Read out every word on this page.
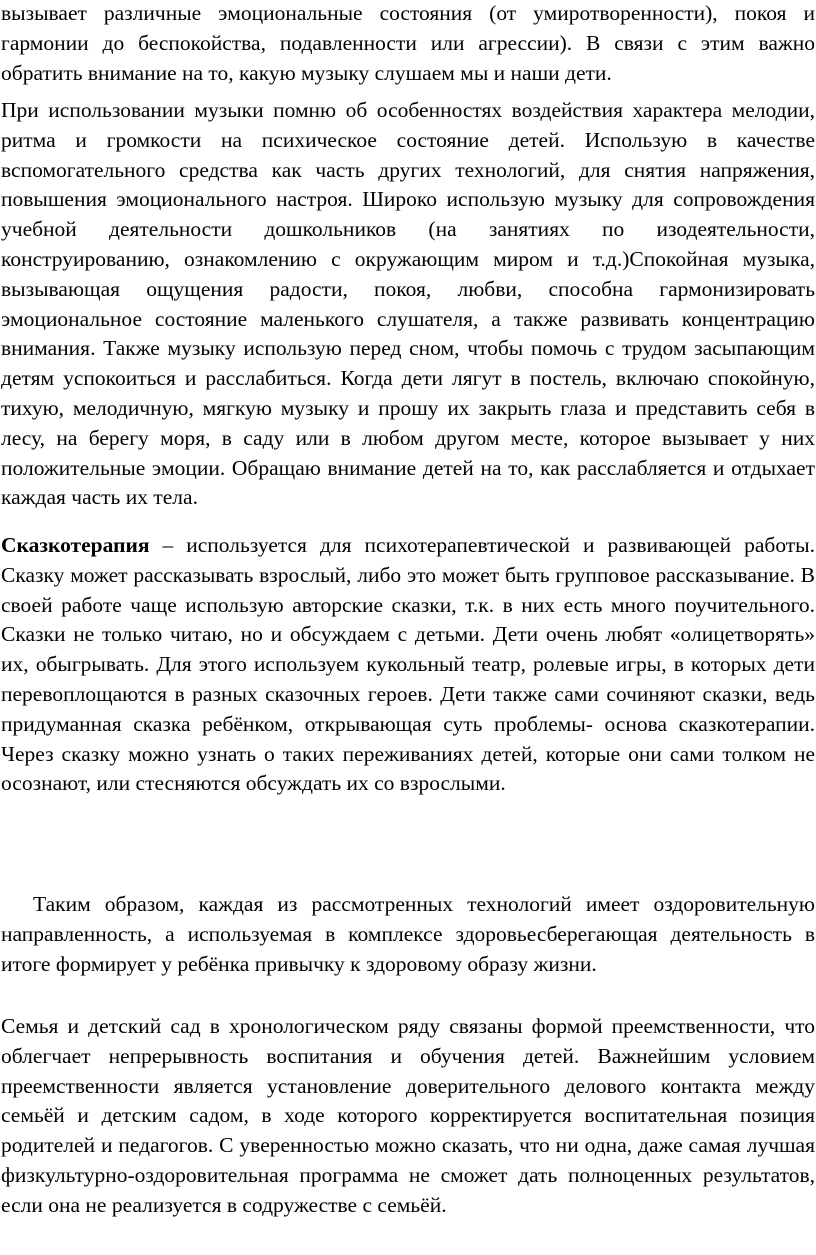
вызывает различные эмоциональные состояния (от умиротворенности), покоя и гармонии до беспокойства, подавленности или агрессии). В связи с этим важно обратить внимание на то, какую музыку слушаем мы и наши дети.

При использовании музыки помню об особенностях воздействия характера мелодии, ритма и громкости на психическое состояние детей. Использую в качестве вспомогательного средства как часть других технологий, для снятия напряжения, повышения эмоционального настроя. Широко использую музыку для сопровождения учебной деятельности дошкольников (на занятиях по изодеятельности, конструированию, ознакомлению с окружающим миром и т.д.)Спокойная музыка, вызывающая ощущения радости, покоя, любви, способна гармонизировать эмоциональное состояние маленького слушателя, а также развивать концентрацию внимания. Также музыку использую перед сном, чтобы помочь с трудом засыпающим детям успокоиться и расслабиться. Когда дети лягут в постель, включаю спокойную, тихую, мелодичную, мягкую музыку и прошу их закрыть глаза и представить себя в лесу, на берегу моря, в саду или в любом другом месте, которое вызывает у них положительные эмоции. Обращаю внимание детей на то, как расслабляется и отдыхает каждая часть их тела.

Сказкотерапия – используется для психотерапевтической и развивающей работы. Сказку может рассказывать взрослый, либо это может быть групповое рассказывание. В своей работе чаще использую авторские сказки, т.к. в них есть много поучительного. Сказки не только читаю, но и обсуждаем с детьми. Дети очень любят «олицетворять» их, обыгрывать. Для этого используем кукольный театр, ролевые игры, в которых дети перевоплощаются в разных сказочных героев. Дети также сами сочиняют сказки, ведь придуманная сказка ребёнком, открывающая суть проблемы- основа сказкотерапии. Через сказку можно узнать о таких переживаниях детей, которые они сами толком не осознают, или стесняются обсуждать их со взрослыми.

Таким образом, каждая из рассмотренных технологий имеет оздоровительную направленность, а используемая в комплексе здоровьесберегающая деятельность в итоге формирует у ребёнка привычку к здоровому образу жизни.

Семья и детский сад в хронологическом ряду связаны формой преемственности, что облегчает непрерывность воспитания и обучения детей. Важнейшим условием преемственности является установление доверительного делового контакта между семьёй и детским садом, в ходе которого корректируется воспитательная позиция родителей и педагогов. С уверенностью можно сказать, что ни одна, даже самая лучшая физкультурно-оздоровительная программа не сможет дать полноценных результатов, если она не реализуется в содружестве с семьёй.
